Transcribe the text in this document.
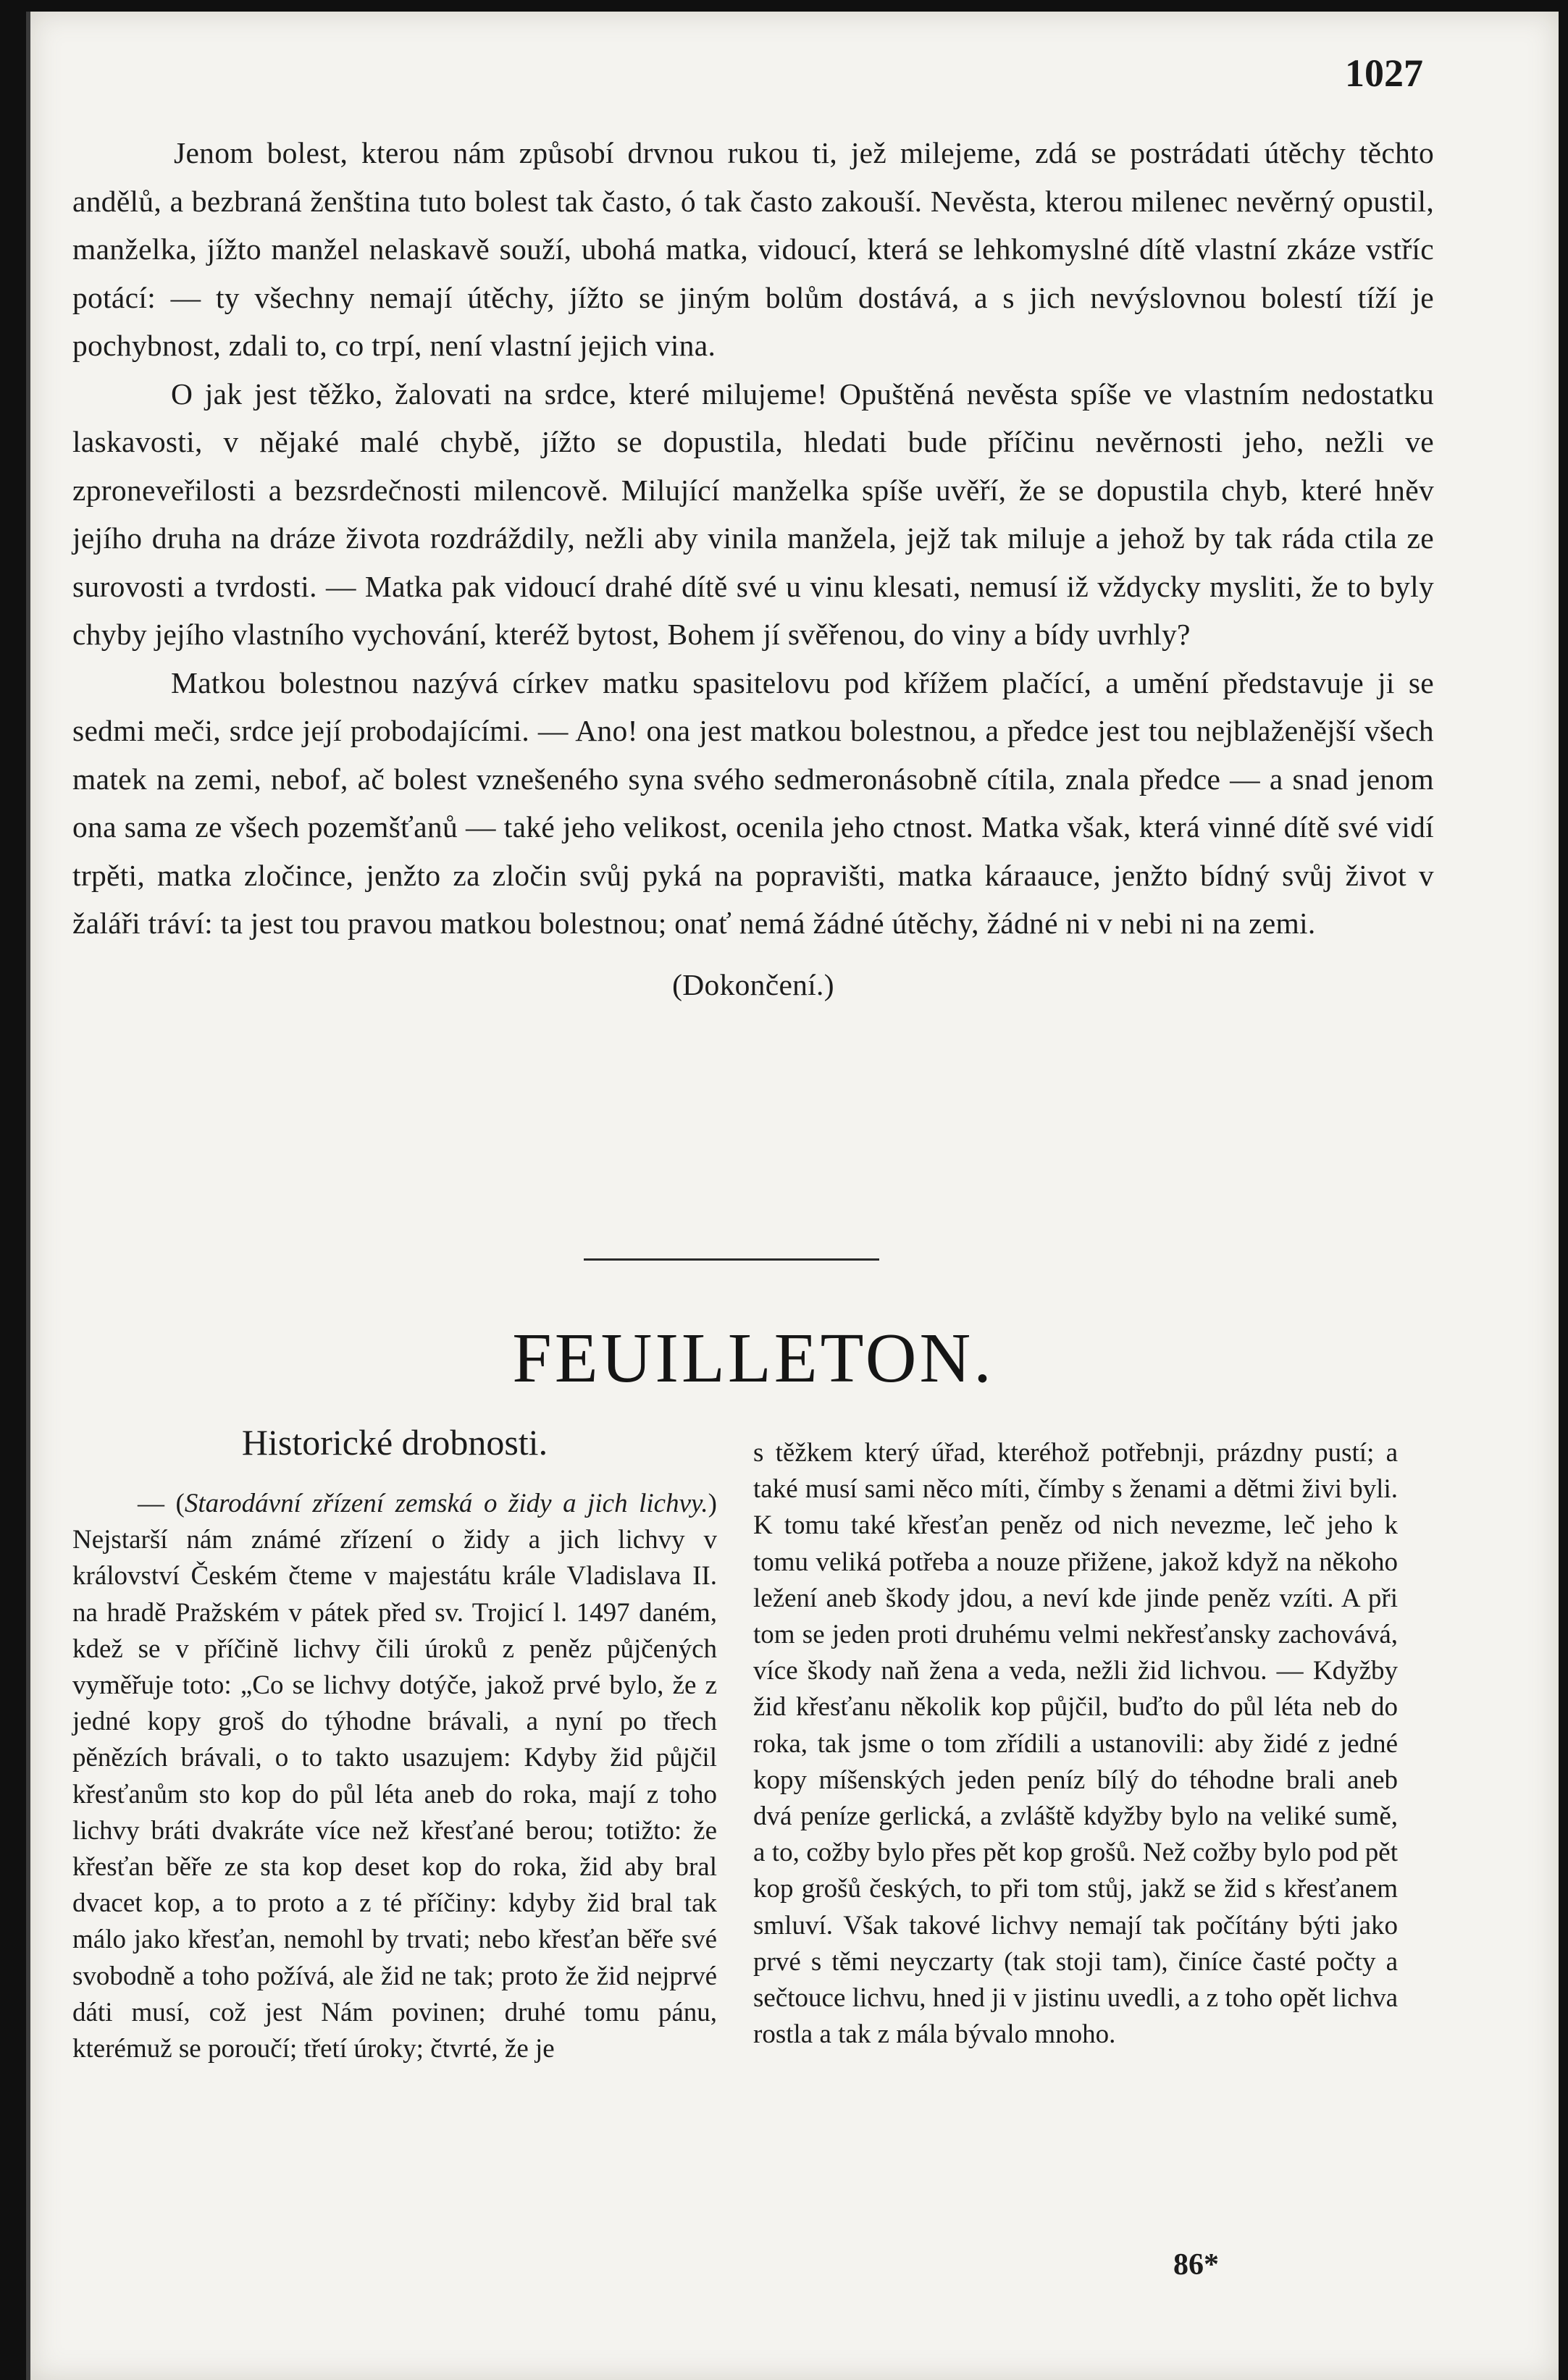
1027

Jenom bolest, kterou nám způsobí drvnou rukou ti, jež milejeme, zdá se postrádati útěchy těchto andělů, a bezbraná ženština tuto bolest tak často, ó tak často zakouší. Nevěsta, kterou milenec nevěrný opustil, manželka, jížto manžel nelaskavě souží, ubohá matka, vidoucí, která se lehkomyslné dítě vlastní zkáze vstříc potácí: — ty všechny nemají útěchy, jížto se jiným bolům dostává, a s jich nevýslovnou bolestí tíží je pochybnost, zdali to, co trpí, není vlastní jejich vina.

O jak jest těžko, žalovati na srdce, které milujeme! Opuštěná nevěsta spíše ve vlastním nedostatku laskavosti, v nějaké malé chybě, jížto se dopustila, hledati bude příčinu nevěrnosti jeho, nežli ve zproneveřilosti a bezsrdečnosti milencově. Milující manželka spíše uvěří, že se dopustila chyb, které hněv jejího druha na dráze života rozdráždily, nežli aby vinila manžela, jejž tak miluje a jehož by tak ráda ctila ze surovosti a tvrdosti. — Matka pak vidoucí drahé dítě své u vinu klesati, nemusí iž vždycky mysliti, že to byly chyby jejího vlastního vychování, kteréž bytost, Bohem jí svěřenou, do viny a bídy uvrhly?

Matkou bolestnou nazývá církev matku spasitelovu pod křížem plačící, a umění představuje ji se sedmi meči, srdce její probodajícími. — Ano! ona jest matkou bolestnou, a předce jest tou nejblaženější všech matek na zemi, nebof, ač bolest vznešeného syna svého sedmeronásobně cítila, znala předce — a snad jenom ona sama ze všech pozemšťanů — také jeho velikost, ocenila jeho ctnost. Matka však, která vinné dítě své vidí trpěti, matka zločince, jenžto za zločin svůj pyká na popravišti, matka káraauce, jenžto bídný svůj život v žaláři tráví: ta jest tou pravou matkou bolestnou; onať nemá žádné útěchy, žádné ni v nebi ni na zemi.

(Dokončení.)
FEUILLETON.
Historické drobnosti.

— (Starodávní zřízení zemská o židy a jich lichvy.) Nejstarší nám známé zřízení o židy a jich lichvy v království Českém čteme v majestátu krále Vladislava II. na hradě Pražském v pátek před sv. Trojicí l. 1497 daném, kdež se v příčině lichvy čili úroků z peněz půjčených vyměřuje toto: „Co se lichvy dotýče, jakož prvé bylo, že z jedné kopy groš do týhodne brávali, a nyní po třech pěnězích brávali, o to takto usazujem: Kdyby žid půjčil křesťanům sto kop do půl léta aneb do roka, mají z toho lichvy bráti dvakráte více než křesťané berou; totižto: že křesťan běře ze sta kop deset kop do roka, žid aby bral dvacet kop, a to proto a z té příčiny: kdyby žid bral tak málo jako křesťan, nemohl by trvati; nebo křesťan běře své svobodně a toho požívá, ale žid ne tak; proto že žid nejprvé dáti musí, což jest Nám povinen; druhé tomu pánu, kterémuž se poroučí; třetí úroky; čtvrté, že je

s těžkem který úřad, kteréhož potřebnji, prázdny pustí; a také musí sami něco míti, čímby s ženami a dětmi živi byli. K tomu také křesťan peněz od nich nevezme, leč jeho k tomu veliká potřeba a nouze přižene, jakož když na někoho ležení aneb škody jdou, a neví kde jinde peněz vzíti. A při tom se jeden proti druhému velmi nekřesťansky zachovává, více škody naň žena a veda, nežli žid lichvou. — Kdyžby žid křesťanu několik kop půjčil, buďto do půl léta neb do roka, tak jsme o tom zřídili a ustanovili: aby židé z jedné kopy míšenských jeden peníz bílý do téhodne brali aneb dvá peníze gerlická, a zvláště kdyžby bylo na veliké sumě, a to, cožby bylo přes pět kop grošů. Než cožby bylo pod pět kop grošů českých, to při tom stůj, jakž se žid s křesťanem smluví. Však takové lichvy nemají tak počítány býti jako prvé s těmi neyczarty (tak stoji tam), činíce časté počty a sečtouce lichvu, hned ji v jistinu uvedli, a z toho opět lichva rostla a tak z mála bývalo mnoho.

86*
